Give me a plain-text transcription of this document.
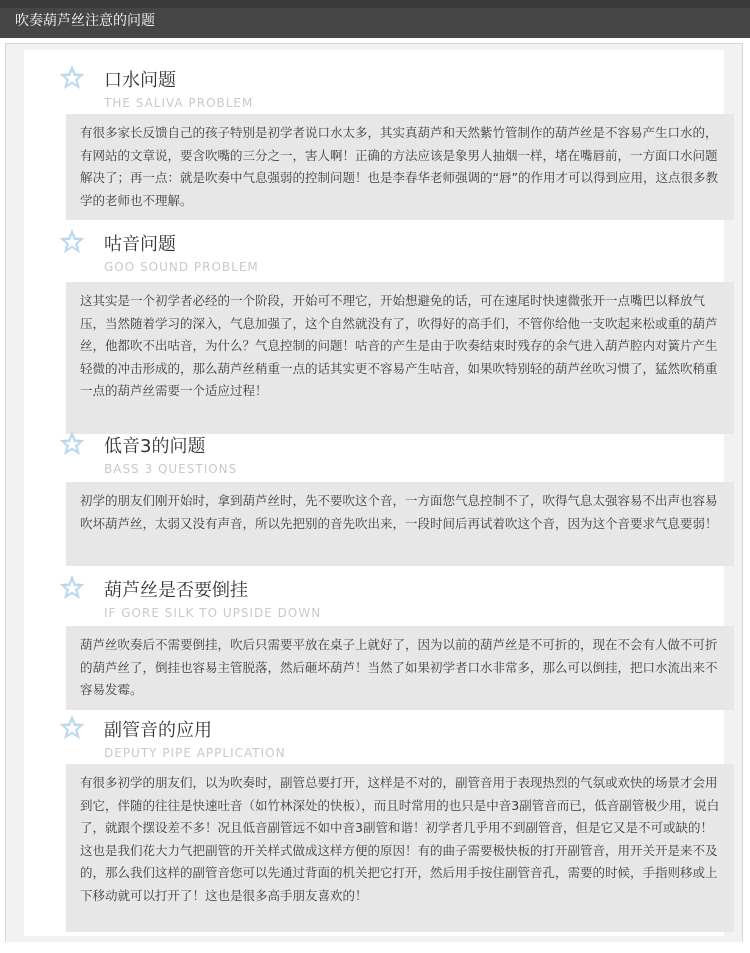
吹奏葫芦丝注意的问题
口水问题
THE SALIVA PROBLEM

有很多家长反馈自己的孩子特别是初学者说口水太多，其实真葫芦和天然紫竹管制作的葫芦丝是不容易产生口水的，有网站的文章说，要含吹嘴的三分之一，害人啊！正确的方法应该是象男人抽烟一样，堵在嘴唇前，一方面口水问题解决了；再一点：就是吹奏中气息强弱的控制问题！也是李春华老师强调的“唇”的作用才可以得到应用，这点很多教学的老师也不理解。

咕音问题
GOO SOUND PROBLEM

这其实是一个初学者必经的一个阶段，开始可不理它，开始想避免的话，可在速尾时快速微张开一点嘴巴以释放气压，当然随着学习的深入，气息加强了，这个自然就没有了，吹得好的高手们，不管你给他一支吹起来松或重的葫芦丝，他都吹不出咕音，为什么？气息控制的问题！咕音的产生是由于吹奏结束时残存的余气进入葫芦腔内对簧片产生轻微的冲击形成的，那么葫芦丝稍重一点的话其实更不容易产生咕音，如果吹特别轻的葫芦丝吹习惯了，猛然吹稍重一点的葫芦丝需要一个适应过程！

低音3的问题
BASS 3 QUESTIONS

初学的朋友们刚开始时，拿到葫芦丝时，先不要吹这个音，一方面您气息控制不了，吹得气息太强容易不出声也容易吹坏葫芦丝，太弱又没有声音，所以先把别的音先吹出来，一段时间后再试着吹这个音，因为这个音要求气息要弱！

葫芦丝是否要倒挂
IF GORE SILK TO UPSIDE DOWN

葫芦丝吹奏后不需要倒挂，吹后只需要平放在桌子上就好了，因为以前的葫芦丝是不可折的，现在不会有人做不可折的葫芦丝了，倒挂也容易主管脱落，然后砸坏葫芦！当然了如果初学者口水非常多，那么可以倒挂，把口水流出来不容易发霉。

副管音的应用
DEPUTY PIPE APPLICATION

有很多初学的朋友们，以为吹奏时，副管总要打开，这样是不对的，副管音用于表现热烈的气氛或欢快的场景才会用到它，伴随的往往是快速吐音（如竹林深处的快板），而且时常用的也只是中音3副管音而已，低音副管极少用，说白了，就跟个摆设差不多！况且低音副管远不如中音3副管和谐！初学者几乎用不到副管音，但是它又是不可或缺的！这也是我们花大力气把副管的开关样式做成这样方便的原因！有的曲子需要极快板的打开副管音，用开关开是来不及的，那么我们这样的副管音您可以先通过背面的机关把它打开，然后用手按住副管音孔，需要的时候，手指则移或上下移动就可以打开了！这也是很多高手朋友喜欢的！
